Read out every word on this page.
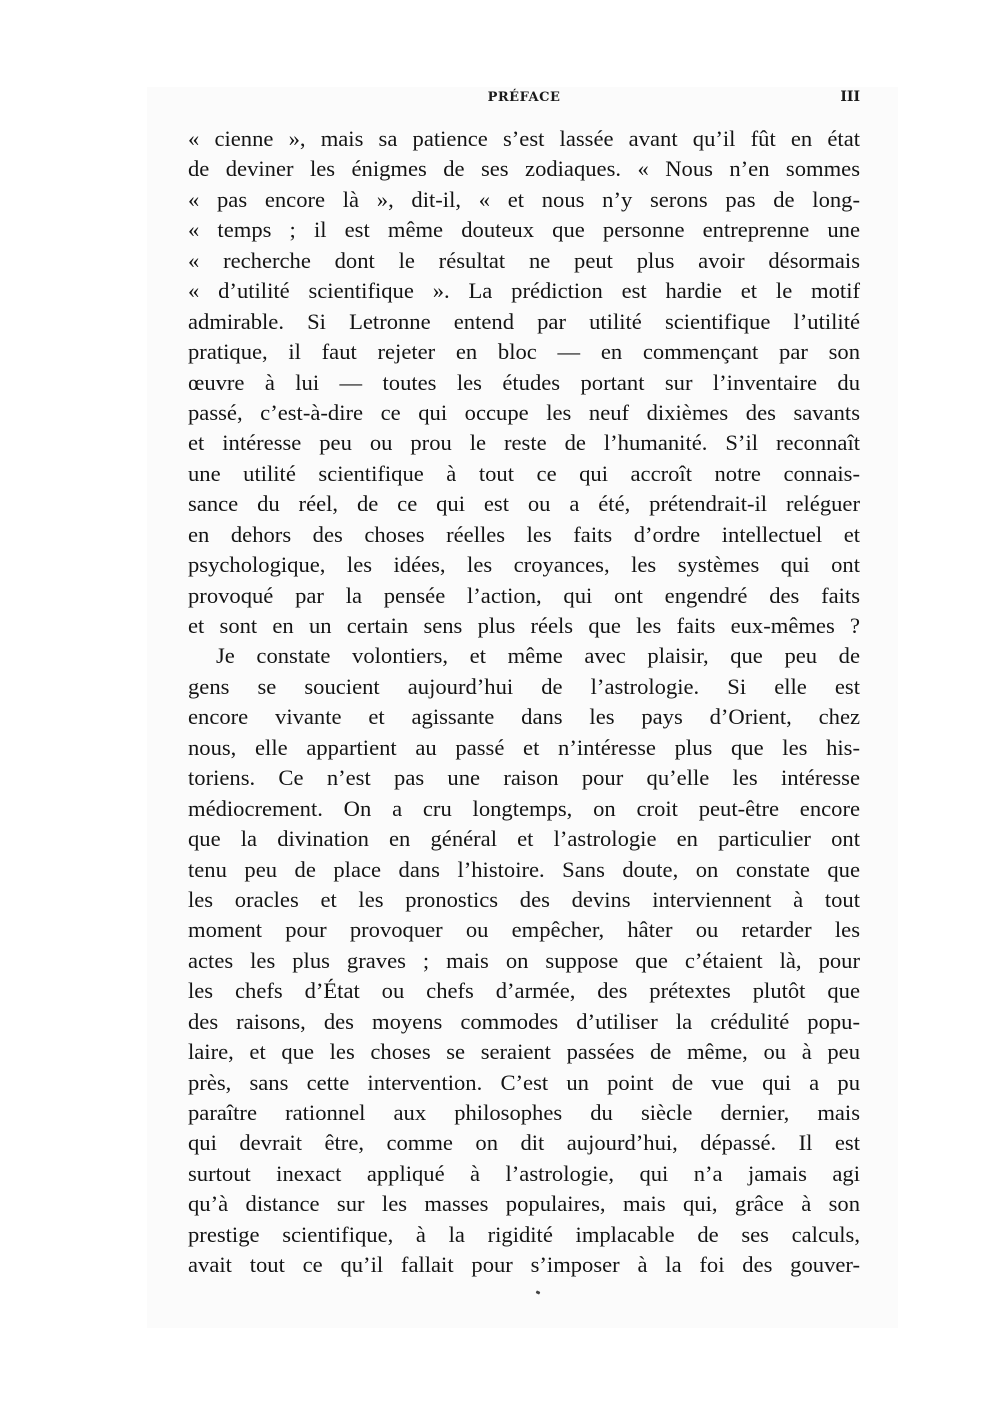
PRÉFACE	III
« cienne », mais sa patience s’est lassée avant qu’il fût en état
de deviner les énigmes de ses zodiaques. « Nous n’en sommes
« pas encore là », dit-il, « et nous n’y serons pas de long-
« temps ; il est même douteux que personne entreprenne une
« recherche dont le résultat ne peut plus avoir désormais
« d’utilité scientifique ». La prédiction est hardie et le motif
admirable. Si Letronne entend par utilité scientifique l’utilité
pratique, il faut rejeter en bloc — en commençant par son
œuvre à lui — toutes les études portant sur l’inventaire du
passé, c’est-à-dire ce qui occupe les neuf dixièmes des savants
et intéresse peu ou prou le reste de l’humanité. S’il reconnaît
une utilité scientifique à tout ce qui accroît notre connais-
sance du réel, de ce qui est ou a été, prétendrait-il reléguer
en dehors des choses réelles les faits d’ordre intellectuel et
psychologique, les idées, les croyances, les systèmes qui ont
provoqué par la pensée l’action, qui ont engendré des faits
et sont en un certain sens plus réels que les faits eux-mêmes ?
Je constate volontiers, et même avec plaisir, que peu de
gens se soucient aujourd’hui de l’astrologie. Si elle est
encore vivante et agissante dans les pays d’Orient, chez
nous, elle appartient au passé et n’intéresse plus que les his-
toriens. Ce n’est pas une raison pour qu’elle les intéresse
médiocrement. On a cru longtemps, on croit peut-être encore
que la divination en général et l’astrologie en particulier ont
tenu peu de place dans l’histoire. Sans doute, on constate que
les oracles et les pronostics des devins interviennent à tout
moment pour provoquer ou empêcher, hâter ou retarder les
actes les plus graves ; mais on suppose que c’étaient là, pour
les chefs d’État ou chefs d’armée, des prétextes plutôt que
des raisons, des moyens commodes d’utiliser la crédulité popu-
laire, et que les choses se seraient passées de même, ou à peu
près, sans cette intervention. C’est un point de vue qui a pu
paraître rationnel aux philosophes du siècle dernier, mais
qui devrait être, comme on dit aujourd’hui, dépassé. Il est
surtout inexact appliqué à l’astrologie, qui n’a jamais agi
qu’à distance sur les masses populaires, mais qui, grâce à son
prestige scientifique, à la rigidité implacable de ses calculs,
avait tout ce qu’il fallait pour s’imposer à la foi des gouver-
